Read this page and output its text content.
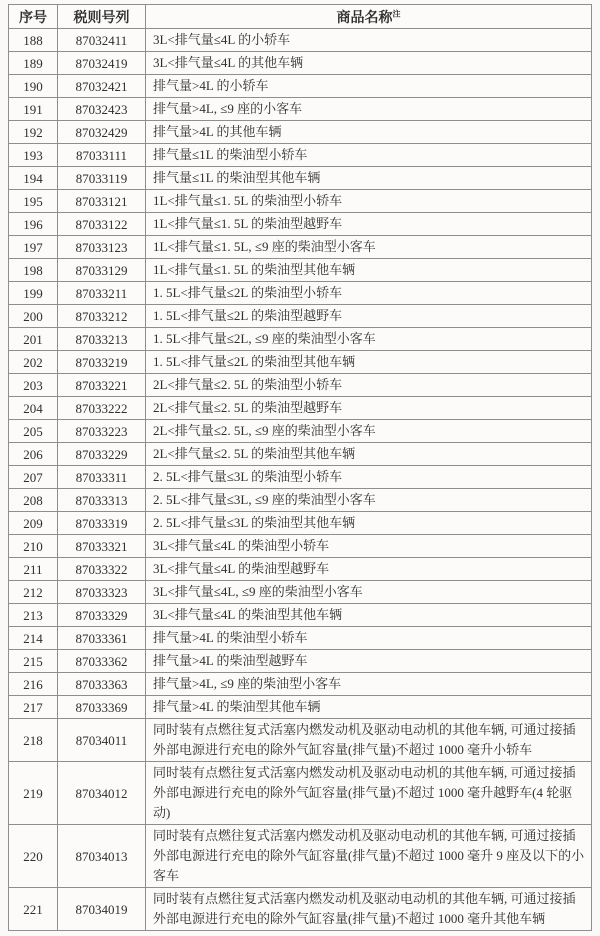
序号	税则号列	商品名称$^注$
188	87032411	3L<排气量≤4L 的小轿车
189	87032419	3L<排气量≤4L 的其他车辆
190	87032421	排气量>4L 的小轿车
191	87032423	排气量>4L, ≤9 座的小客车
192	87032429	排气量>4L 的其他车辆
193	87033111	排气量≤1L 的柴油型小轿车
194	87033119	排气量≤1L 的柴油型其他车辆
195	87033121	1L<排气量≤1. 5L 的柴油型小轿车
196	87033122	1L<排气量≤1. 5L 的柴油型越野车
197	87033123	1L<排气量≤1. 5L, ≤9 座的柴油型小客车
198	87033129	1L<排气量≤1. 5L 的柴油型其他车辆
199	87033211	1. 5L<排气量≤2L 的柴油型小轿车
200	87033212	1. 5L<排气量≤2L 的柴油型越野车
201	87033213	1. 5L<排气量≤2L, ≤9 座的柴油型小客车
202	87033219	1. 5L<排气量≤2L 的柴油型其他车辆
203	87033221	2L<排气量≤2. 5L 的柴油型小轿车
204	87033222	2L<排气量≤2. 5L 的柴油型越野车
205	87033223	2L<排气量≤2. 5L, ≤9 座的柴油型小客车
206	87033229	2L<排气量≤2. 5L 的柴油型其他车辆
207	87033311	2. 5L<排气量≤3L 的柴油型小轿车
208	87033313	2. 5L<排气量≤3L, ≤9 座的柴油型小客车
209	87033319	2. 5L<排气量≤3L 的柴油型其他车辆
210	87033321	3L<排气量≤4L 的柴油型小轿车
211	87033322	3L<排气量≤4L 的柴油型越野车
212	87033323	3L<排气量≤4L, ≤9 座的柴油型小客车
213	87033329	3L<排气量≤4L 的柴油型其他车辆
214	87033361	排气量>4L 的柴油型小轿车
215	87033362	排气量>4L 的柴油型越野车
216	87033363	排气量>4L, ≤9 座的柴油型小客车
217	87033369	排气量>4L 的柴油型其他车辆
218	87034011	同时装有点燃往复式活塞内燃发动机及驱动电动机的其他车辆, 可通过接插外部电源进行充电的除外气缸容量(排气量)不超过 1000 毫升小轿车
219	87034012	同时装有点燃往复式活塞内燃发动机及驱动电动机的其他车辆, 可通过接插外部电源进行充电的除外气缸容量(排气量)不超过 1000 毫升越野车(4 轮驱动)
220	87034013	同时装有点燃往复式活塞内燃发动机及驱动电动机的其他车辆, 可通过接插外部电源进行充电的除外气缸容量(排气量)不超过 1000 毫升 9 座及以下的小客车
221	87034019	同时装有点燃往复式活塞内燃发动机及驱动电动机的其他车辆, 可通过接插外部电源进行充电的除外气缸容量(排气量)不超过 1000 毫升其他车辆
